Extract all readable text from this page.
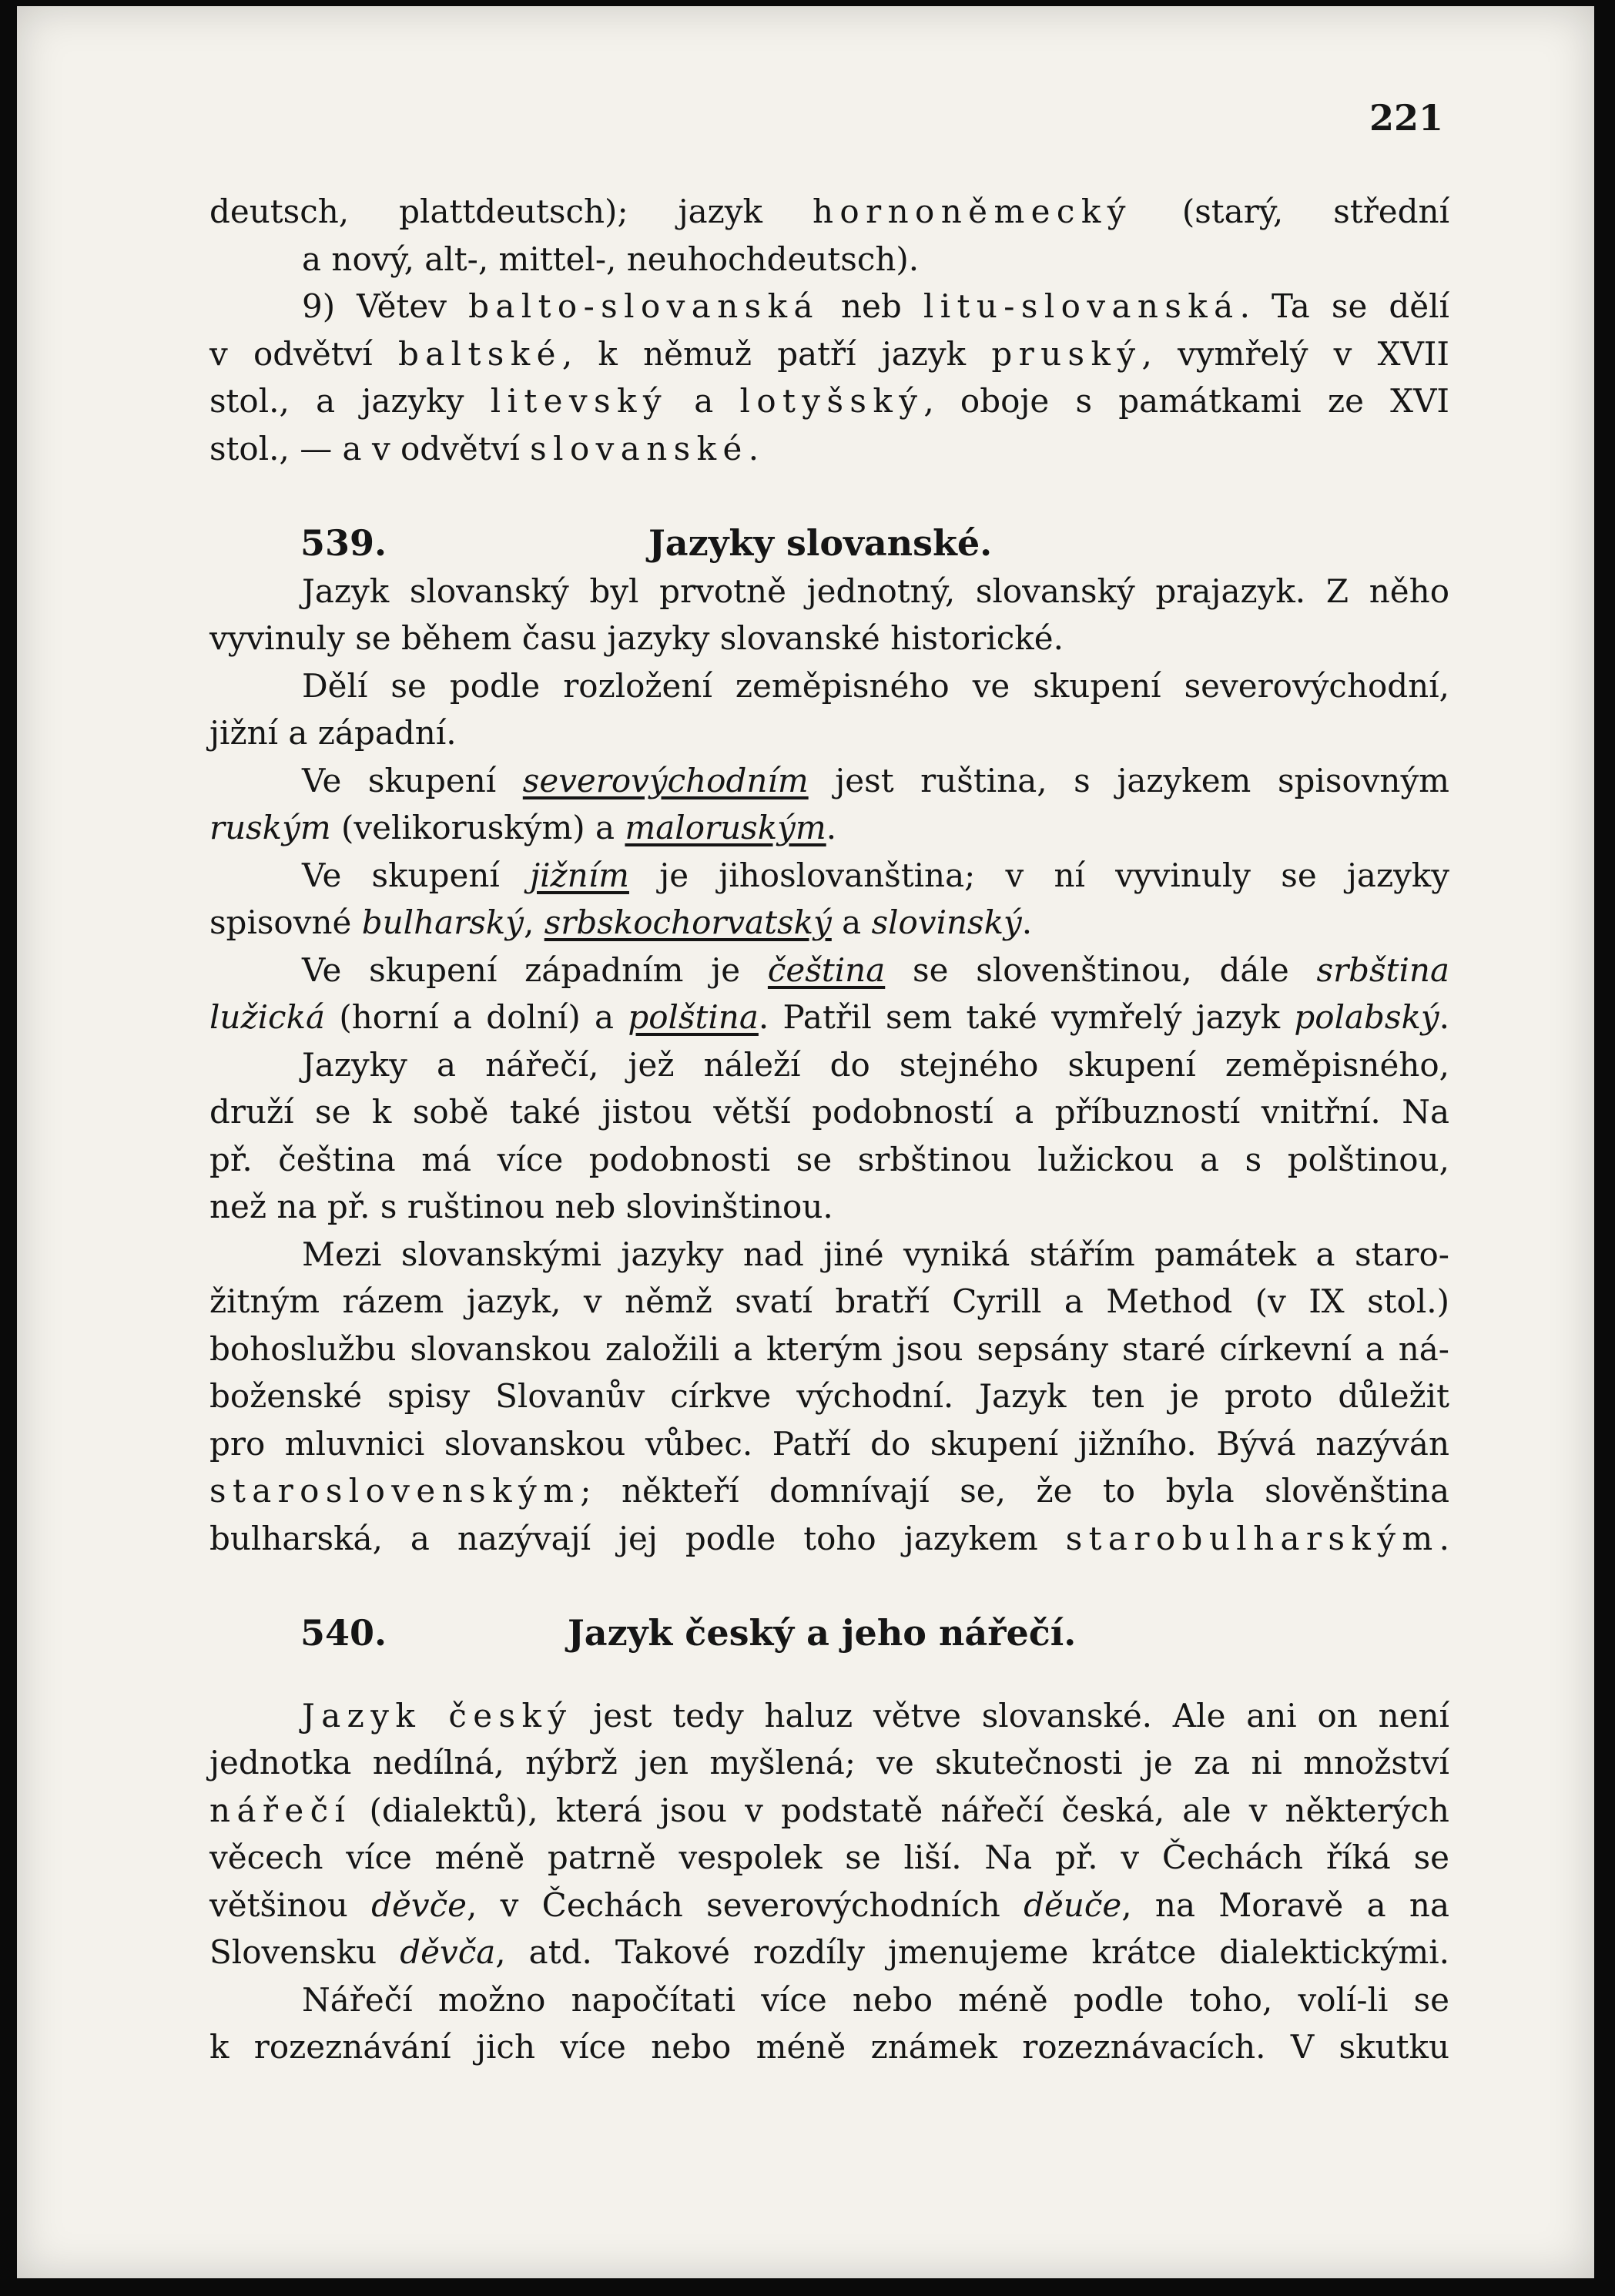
221
deutsch, plattdeutsch); jazyk hornoněmecký (starý, střední
a nový, alt-, mittel-, neuhochdeutsch).
9) Větev balto-slovanská neb litu-slovanská. Ta se dělí
v odvětví baltské, k němuž patří jazyk pruský, vymřelý v XVII
stol., a jazyky litevský a lotyšský, oboje s památkami ze XVI
stol., — a v odvětví slovanské.
539.	Jazyky slovanské.
Jazyk slovanský byl prvotně jednotný, slovanský prajazyk. Z něho
vyvinuly se během času jazyky slovanské historické.
Dělí se podle rozložení zeměpisného ve skupení severovýchodní,
jižní a západní.
Ve skupení severovýchodním jest ruština, s jazykem spisovným
ruským (velikoruským) a maloruským.
Ve skupení jižním je jihoslovanština; v ní vyvinuly se jazyky
spisovné bulharský, srbskochorvatský a slovinský.
Ve skupení západním je čeština se slovenštinou, dále srbština
lužická (horní a dolní) a polština. Patřil sem také vymřelý jazyk polabský.
Jazyky a nářečí, jež náleží do stejného skupení zeměpisného,
druží se k sobě také jistou větší podobností a příbuzností vnitřní. Na
př. čeština má více podobnosti se srbštinou lužickou a s polštinou,
než na př. s ruštinou neb slovinštinou.
Mezi slovanskými jazyky nad jiné vyniká stářím památek a staro-
žitným rázem jazyk, v němž svatí bratří Cyrill a Method (v IX stol.)
bohoslužbu slovanskou založili a kterým jsou sepsány staré církevní a ná-
boženské spisy Slovanův církve východní. Jazyk ten je proto důležit
pro mluvnici slovanskou vůbec. Patří do skupení jižního. Bývá nazýván
staroslovenským; někteří domnívají se, že to byla slověnština
bulharská, a nazývají jej podle toho jazykem starobulharským.
540.	Jazyk český a jeho nářečí.
Jazyk český jest tedy haluz větve slovanské. Ale ani on není
jednotka nedílná, nýbrž jen myšlená; ve skutečnosti je za ni množství
nářečí (dialektů), která jsou v podstatě nářečí česká, ale v některých
věcech více méně patrně vespolek se liší. Na př. v Čechách říká se
většinou děvče, v Čechách severovýchodních děuče, na Moravě a na
Slovensku děvča, atd. Takové rozdíly jmenujeme krátce dialektickými.
Nářečí možno napočítati více nebo méně podle toho, volí-li se
k rozeznávání jich více nebo méně známek rozeznávacích. V skutku
